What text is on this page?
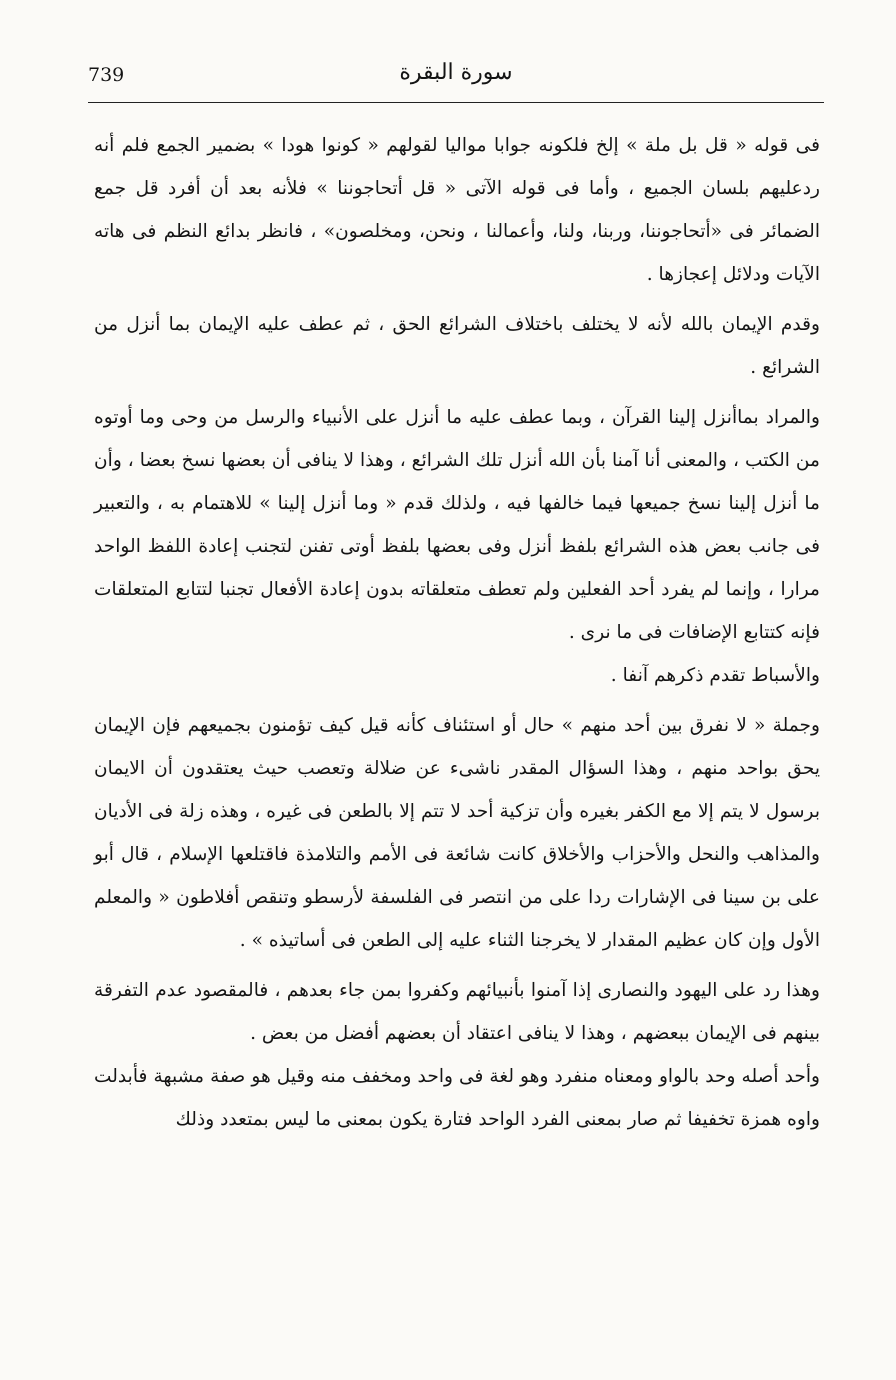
739	سورة البقرة

فى قوله « قل بل ملة » إلخ فلكونه جوابا مواليا لقولهم « كونوا هودا » بضمير الجمع فلم أنه ردعليهم بلسان الجميع ، وأما فى قوله الآتى « قل أتحاجوننا » فلأنه بعد أن أفرد قل جمع الضمائر فى «أتحاجوننا، وربنا، ولنا، وأعمالنا ، ونحن، ومخلصون» ، فانظر بدائع النظم فى هاته الآيات ودلائل إعجازها .

وقدم الإيمان بالله لأنه لا يختلف باختلاف الشرائع الحق ، ثم عطف عليه الإيمان بما أنزل من الشرائع .

والمراد بماأنزل إلينا القرآن ، وبما عطف عليه ما أنزل على الأنبياء والرسل من وحى وما أوتوه من الكتب ، والمعنى أنا آمنا بأن الله أنزل تلك الشرائع ، وهذا لا ينافى أن بعضها نسخ بعضا ، وأن ما أنزل إلينا نسخ جميعها فيما خالفها فيه ، ولذلك قدم « وما أنزل إلينا » للاهتمام به ، والتعبير فى جانب بعض هذه الشرائع بلفظ أنزل وفى بعضها بلفظ أوتى تفنن لتجنب إعادة اللفظ الواحد مرارا ، وإنما لم يفرد أحد الفعلين ولم تعطف متعلقاته بدون إعادة الأفعال تجنبا لتتابع المتعلقات فإنه كتتابع الإضافات فى ما نرى .

والأسباط تقدم ذكرهم آنفا .

وجملة « لا نفرق بين أحد منهم » حال أو استئناف كأنه قيل كيف تؤمنون بجميعهم فإن الإيمان يحق بواحد منهم ، وهذا السؤال المقدر ناشىء عن ضلالة وتعصب حيث يعتقدون أن الايمان برسول لا يتم إلا مع الكفر بغيره وأن تزكية أحد لا تتم إلا بالطعن فى غيره ، وهذه زلة فى الأديان والمذاهب والنحل والأحزاب والأخلاق كانت شائعة فى الأمم والتلامذة فاقتلعها الإسلام ، قال أبو على بن سينا فى الإشارات ردا على من انتصر فى الفلسفة لأرسطو وتنقص أفلاطون « والمعلم الأول وإن كان عظيم المقدار لا يخرجنا الثناء عليه إلى الطعن فى أساتيذه » .

وهذا رد على اليهود والنصارى إذا آمنوا بأنبيائهم وكفروا بمن جاء بعدهم ، فالمقصود عدم التفرقة بينهم فى الإيمان ببعضهم ، وهذا لا ينافى اعتقاد أن بعضهم أفضل من بعض .

وأحد أصله وحد بالواو ومعناه منفرد وهو لغة فى واحد ومخفف منه وقيل هو صفة مشبهة فأبدلت واوه همزة تخفيفا ثم صار بمعنى الفرد الواحد فتارة يكون بمعنى ما ليس بمتعدد وذلك
